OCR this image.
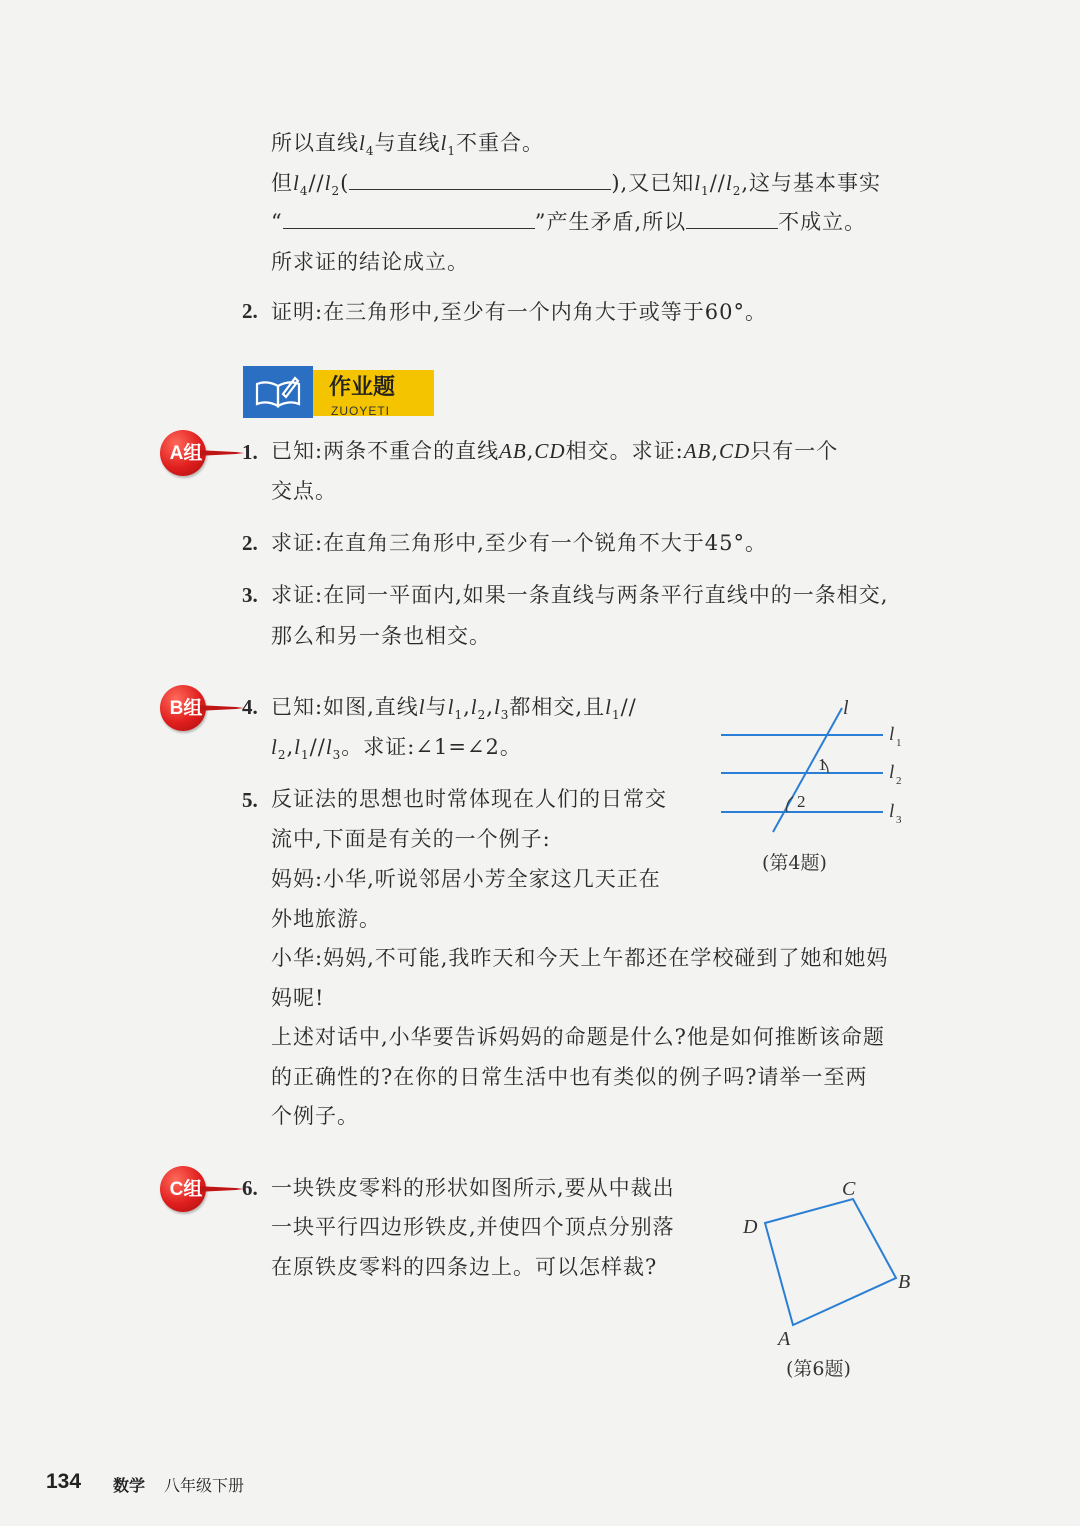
所以直线$l_4$与直线$l_1$不重合。
但$l_4//l_2$(	),又已知$l_1//l_2$,这与基本事实
“	”产生矛盾,所以	不成立。
所求证的结论成立。
2. 证明:在三角形中,至少有一个内角大于或等于60°。
作业题
ZUOYETI
A组 1. 已知:两条不重合的直线AB,CD相交。求证:AB,CD只有一个
交点。
2. 求证:在直角三角形中,至少有一个锐角不大于45°。
3. 求证:在同一平面内,如果一条直线与两条平行直线中的一条相交,
那么和另一条也相交。
B组 4. 已知:如图,直线l与$l_1,l_2,l_3$都相交,且$l_1//$
$l_2,l_1//l_3$。求证:∠1=∠2。
l
l 1
l 2
l 3
1
2
(第4题)
5. 反证法的思想也时常体现在人们的日常交
流中,下面是有关的一个例子:
妈妈:小华,听说邻居小芳全家这几天正在
外地旅游。
小华:妈妈,不可能,我昨天和今天上午都还在学校碰到了她和她妈
妈呢!
上述对话中,小华要告诉妈妈的命题是什么?他是如何推断该命题
的正确性的?在你的日常生活中也有类似的例子吗?请举一至两
个例子。
C组 6. 一块铁皮零料的形状如图所示,要从中裁出
一块平行四边形铁皮,并使四个顶点分别落
在原铁皮零料的四条边上。可以怎样裁?
D
C
B
A
(第6题)
134 数学 八年级下册
